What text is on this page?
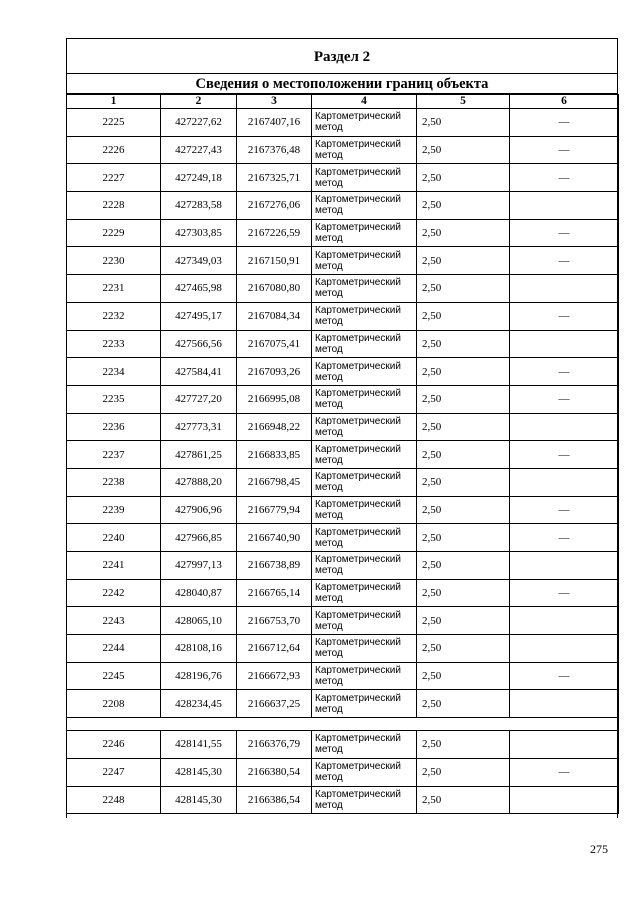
Раздел 2
Сведения о местоположении границ объекта
1	2	3	4	5	6
2225	427227,62	2167407,16	Картометрический метод	2,50	—
2226	427227,43	2167376,48	Картометрический метод	2,50	—
2227	427249,18	2167325,71	Картометрический метод	2,50	—
2228	427283,58	2167276,06	Картометрический метод	2,50	
2229	427303,85	2167226,59	Картометрический метод	2,50	—
2230	427349,03	2167150,91	Картометрический метод	2,50	—
2231	427465,98	2167080,80	Картометрический метод	2,50	
2232	427495,17	2167084,34	Картометрический метод	2,50	—
2233	427566,56	2167075,41	Картометрический метод	2,50	
2234	427584,41	2167093,26	Картометрический метод	2,50	—
2235	427727,20	2166995,08	Картометрический метод	2,50	—
2236	427773,31	2166948,22	Картометрический метод	2,50	
2237	427861,25	2166833,85	Картометрический метод	2,50	—
2238	427888,20	2166798,45	Картометрический метод	2,50	
2239	427906,96	2166779,94	Картометрический метод	2,50	—
2240	427966,85	2166740,90	Картометрический метод	2,50	—
2241	427997,13	2166738,89	Картометрический метод	2,50	
2242	428040,87	2166765,14	Картометрический метод	2,50	—
2243	428065,10	2166753,70	Картометрический метод	2,50	
2244	428108,16	2166712,64	Картометрический метод	2,50	
2245	428196,76	2166672,93	Картометрический метод	2,50	—
2208	428234,45	2166637,25	Картометрический метод	2,50	

2246	428141,55	2166376,79	Картометрический метод	2,50	
2247	428145,30	2166380,54	Картометрический метод	2,50	—
2248	428145,30	2166386,54	Картометрический метод	2,50	
275
